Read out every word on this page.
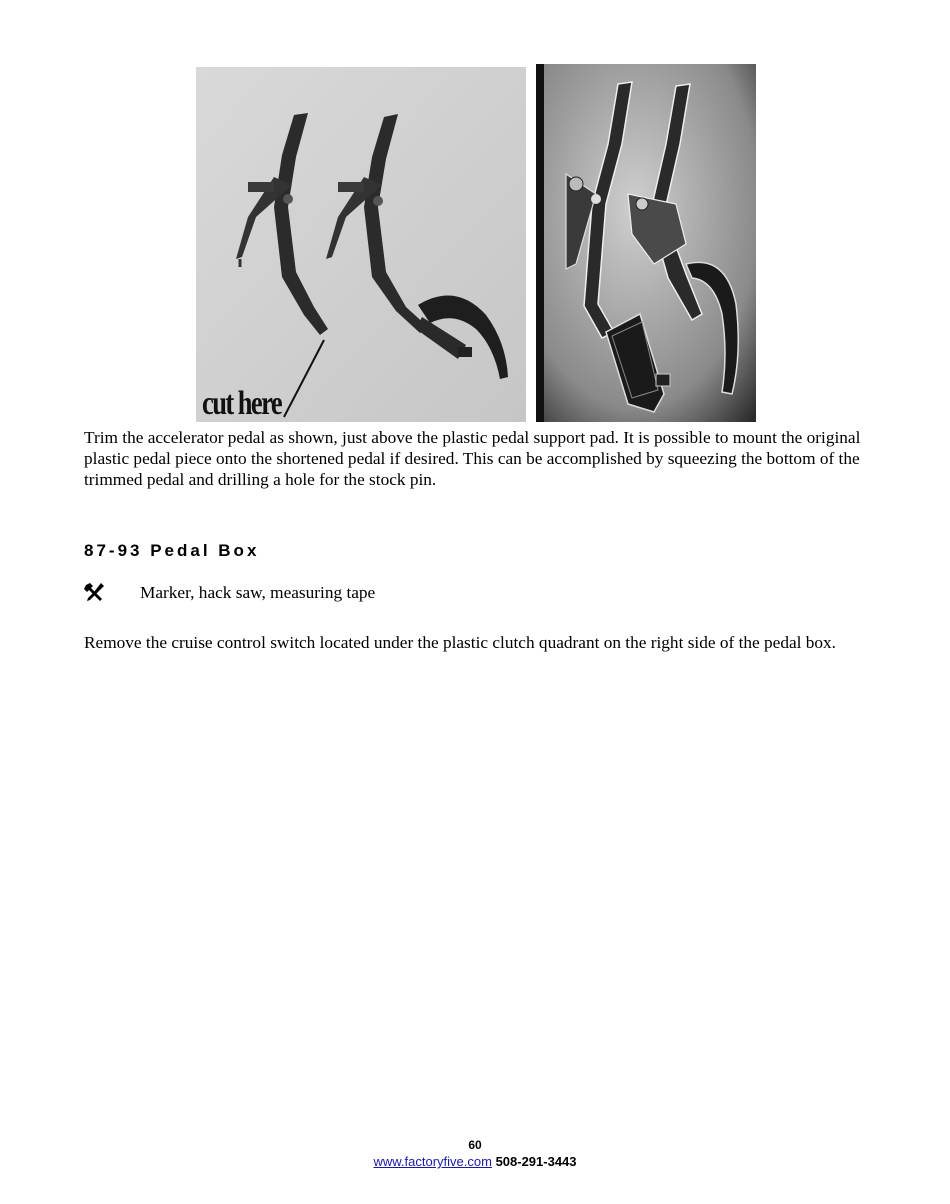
cut here

Trim the accelerator pedal as shown, just above the plastic pedal support pad. It is possible to mount the original plastic pedal piece onto the shortened pedal if desired. This can be accomplished by squeezing the bottom of the trimmed pedal and drilling a hole for the stock pin.

87-93 Pedal Box
Marker, hack saw, measuring tape

Remove the cruise control switch located under the plastic clutch quadrant on the right side of the pedal box.

60
www.factoryfive.com 508-291-3443
